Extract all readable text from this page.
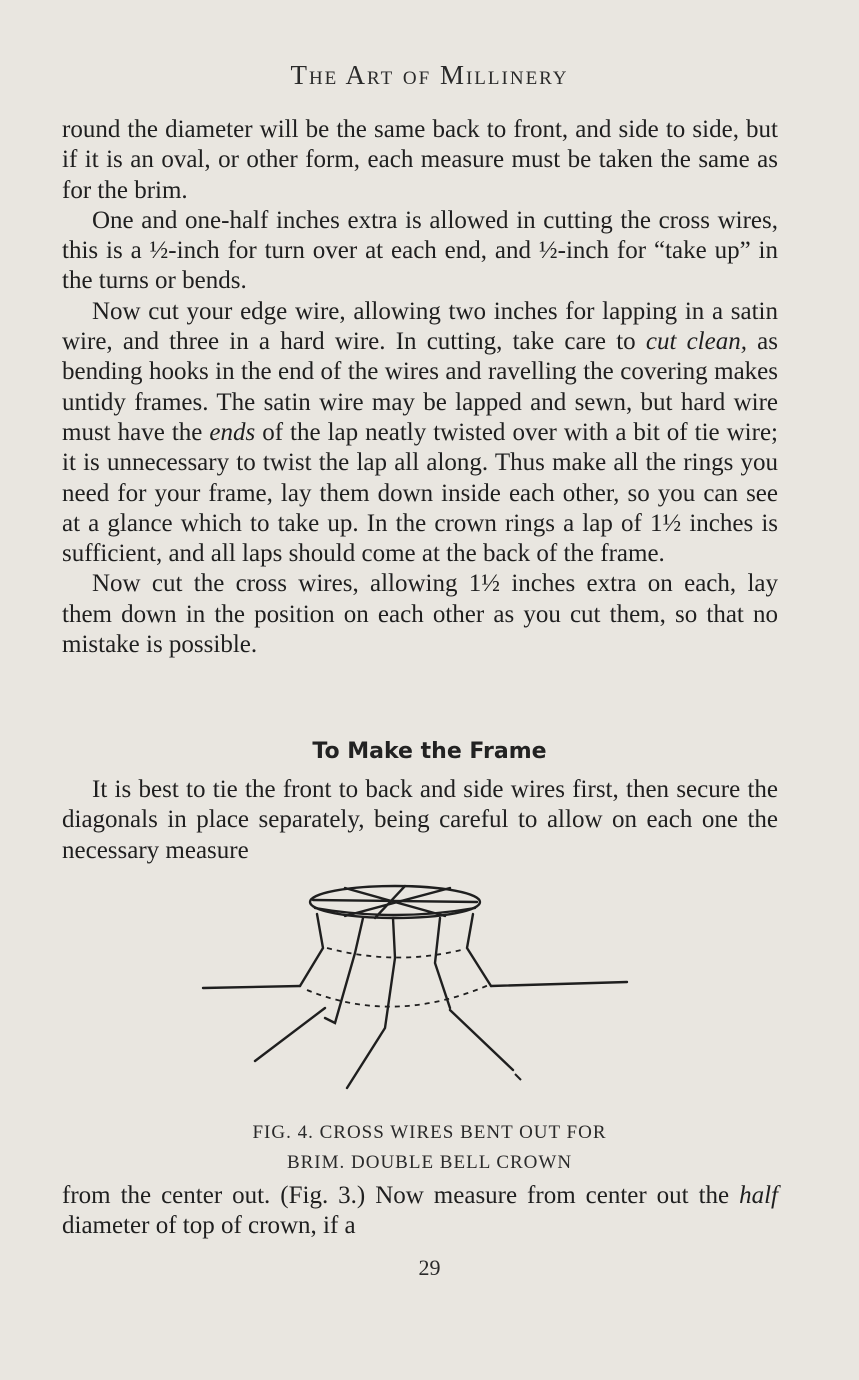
The Art of Millinery

round the diameter will be the same back to front, and side to side, but if it is an oval, or other form, each measure must be taken the same as for the brim.

One and one-half inches extra is allowed in cutting the cross wires, this is a ½-inch for turn over at each end, and ½-inch for “take up” in the turns or bends.

Now cut your edge wire, allowing two inches for lapping in a satin wire, and three in a hard wire. In cutting, take care to cut clean, as bending hooks in the end of the wires and ravelling the covering makes untidy frames. The satin wire may be lapped and sewn, but hard wire must have the ends of the lap neatly twisted over with a bit of tie wire; it is unnecessary to twist the lap all along. Thus make all the rings you need for your frame, lay them down inside each other, so you can see at a glance which to take up. In the crown rings a lap of 1½ inches is sufficient, and all laps should come at the back of the frame.

Now cut the cross wires, allowing 1½ inches extra on each, lay them down in the position on each other as you cut them, so that no mistake is possible.

To Make the Frame

It is best to tie the front to back and side wires first, then secure the diagonals in place separately, being careful to allow on each one the necessary measure

FIG. 4. CROSS WIRES BENT OUT FOR
BRIM. DOUBLE BELL CROWN

from the center out. (Fig. 3.) Now measure from center out the half diameter of top of crown, if a

29
